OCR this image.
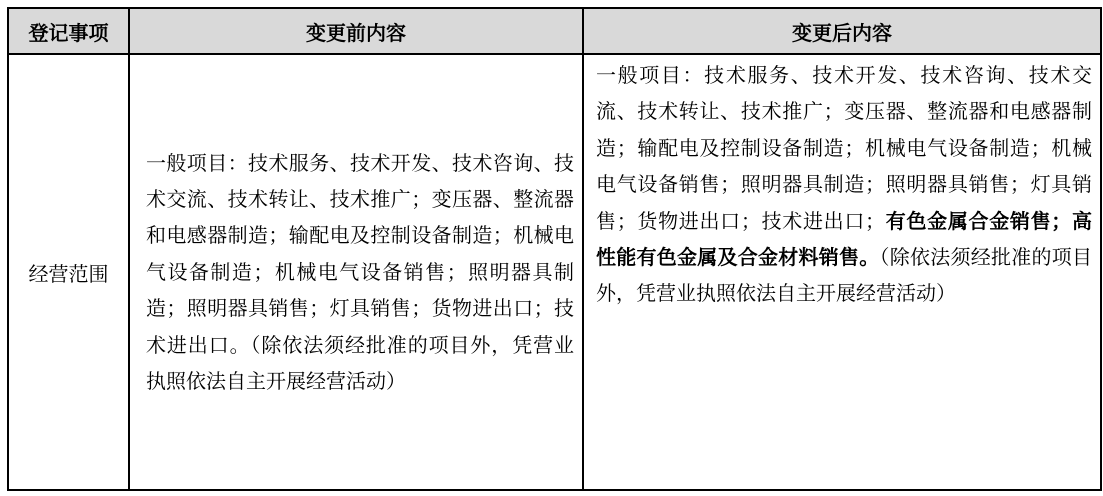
登记事项	变更前内容	变更后内容
经营范围	一般项目：技术服务、技术开发、技术咨询、技术交流、技术转让、技术推广；变压器、整流器和电感器制造；输配电及控制设备制造；机械电气设备制造；机械电气设备销售；照明器具制造；照明器具销售；灯具销售；货物进出口；技术进出口。（除依法须经批准的项目外，凭营业执照依法自主开展经营活动）	一般项目：技术服务、技术开发、技术咨询、技术交流、技术转让、技术推广；变压器、整流器和电感器制造；输配电及控制设备制造；机械电气设备制造；机械电气设备销售；照明器具制造；照明器具销售；灯具销售；货物进出口；技术进出口；有色金属合金销售；高性能有色金属及合金材料销售。（除依法须经批准的项目外，凭营业执照依法自主开展经营活动）
